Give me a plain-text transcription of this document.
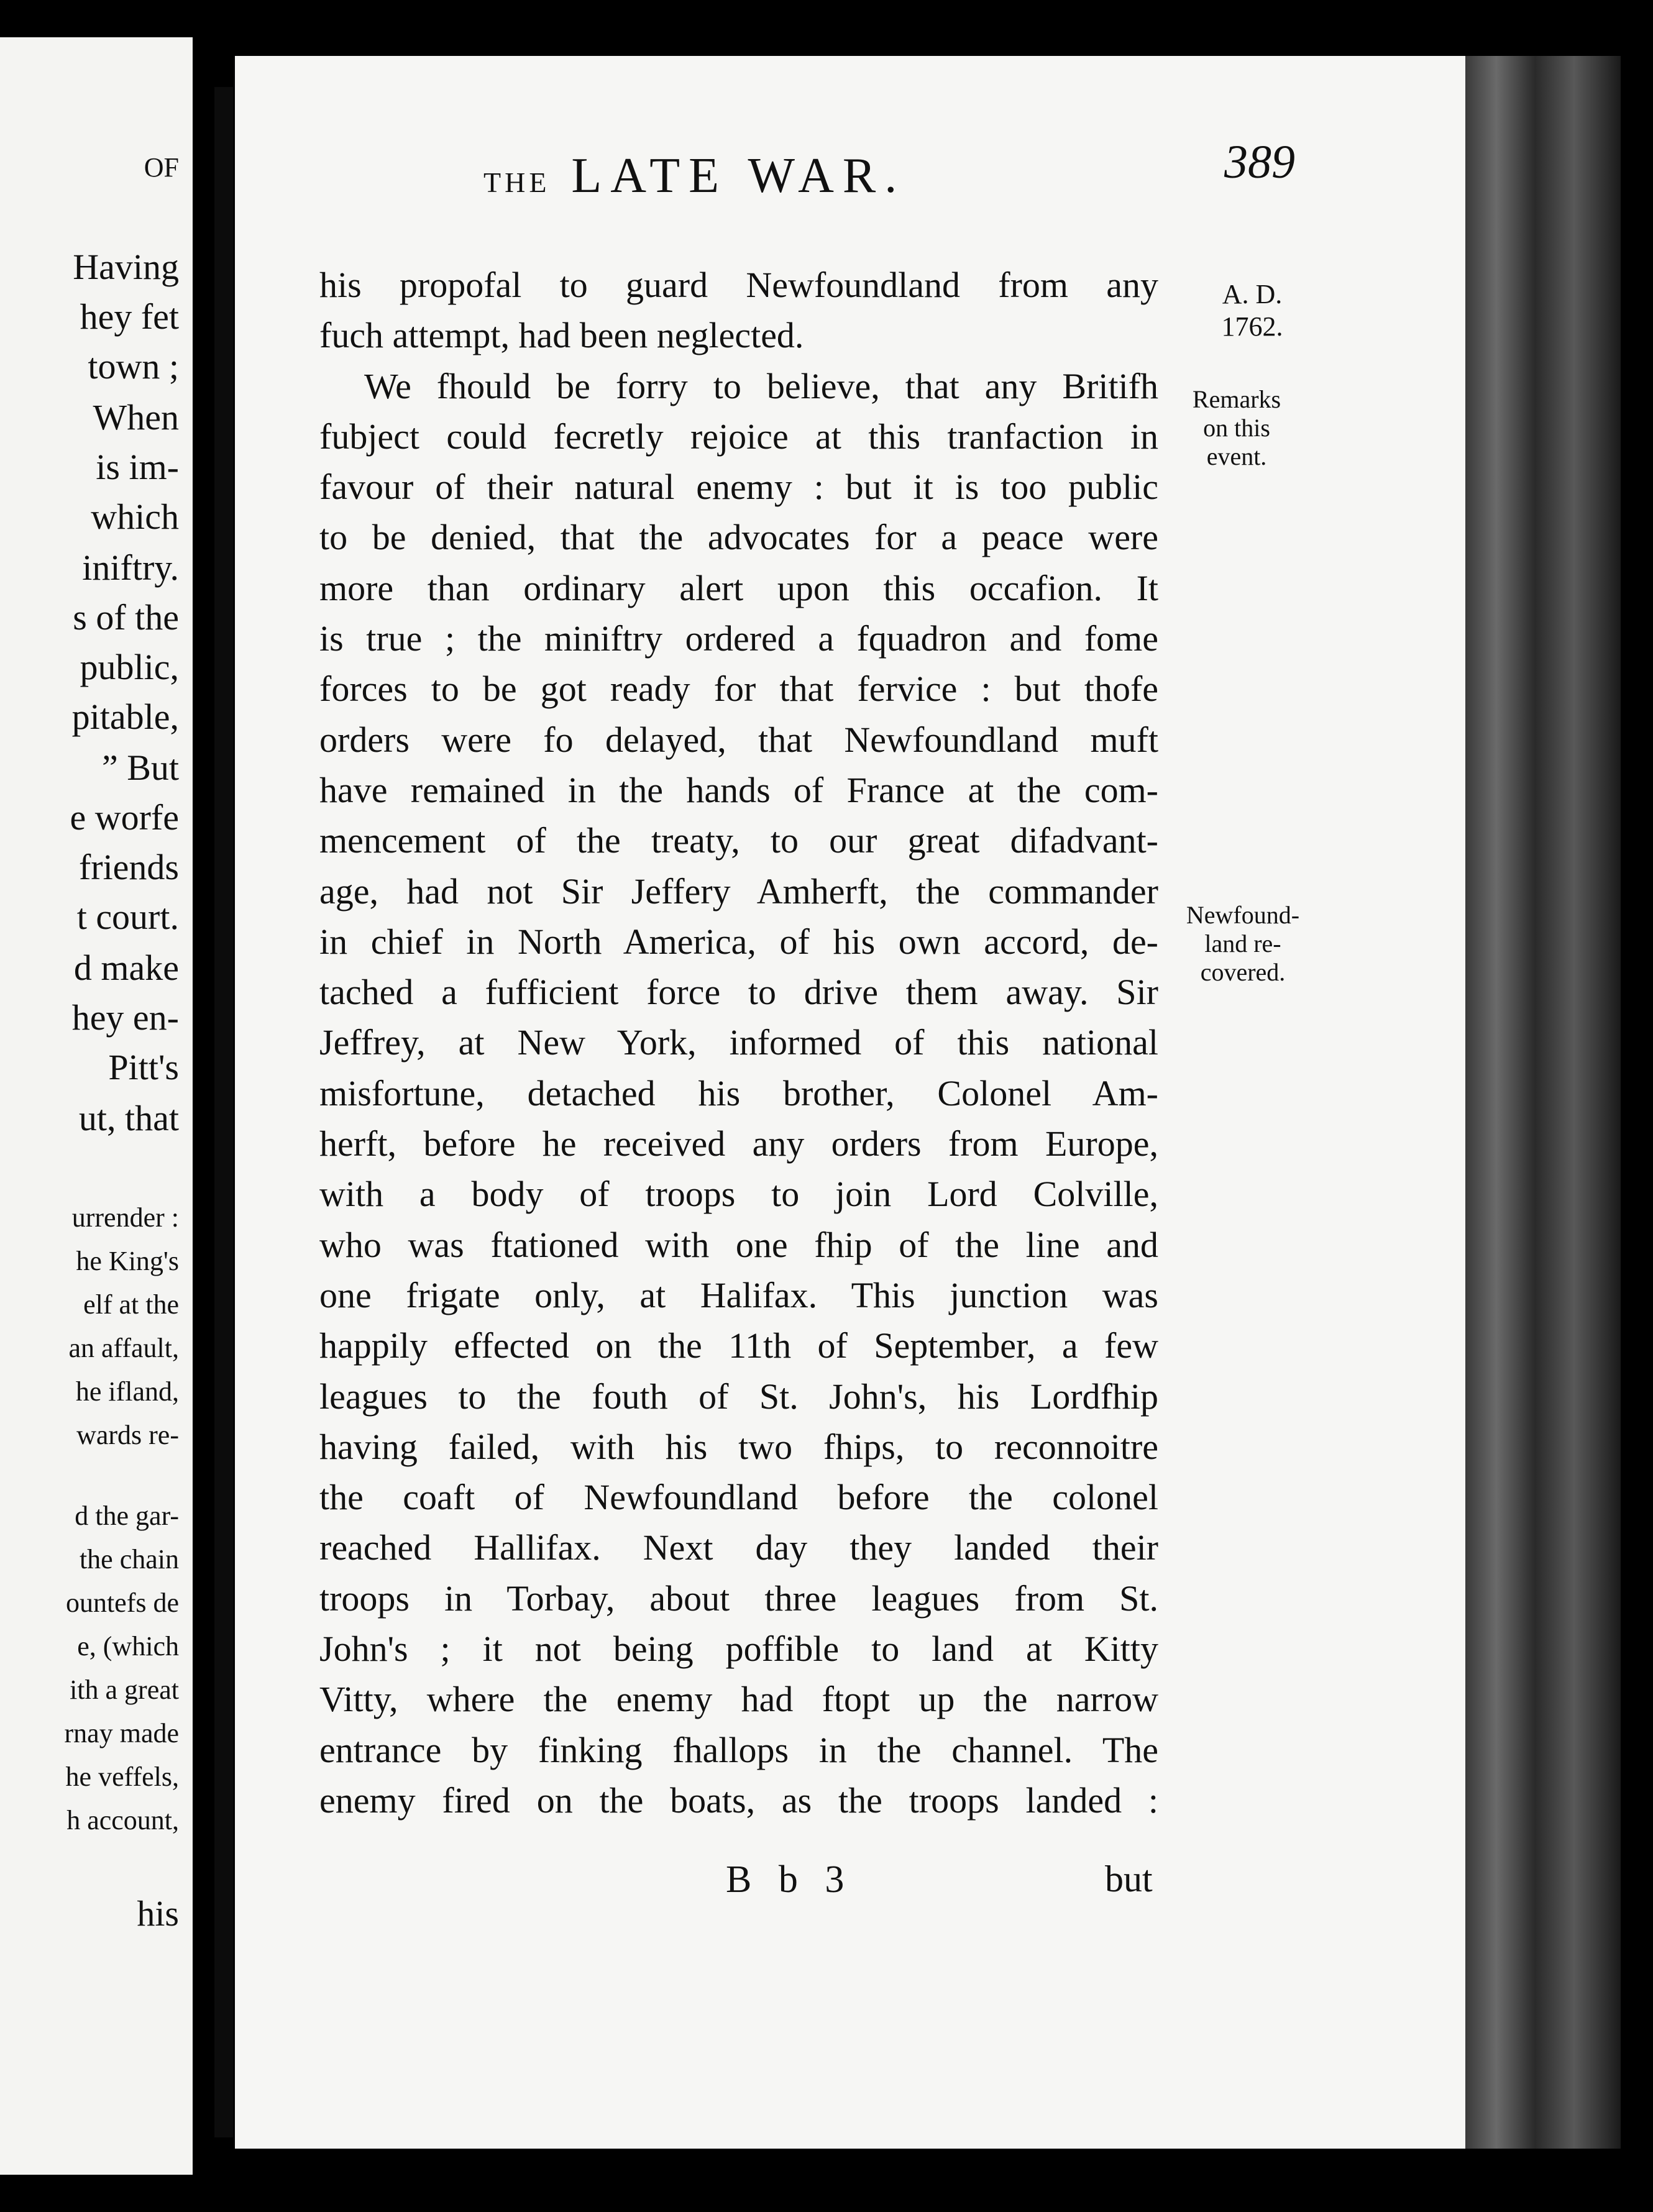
OF
Having
hey fet
town ;
When
is im-
which
iniftry.
s of the
public,
pitable,
” But
e worfe
friends
t court.
d make
hey en-
Pitt's
ut, that
urrender :
he King's
elf at the
an affault,
he ifland,
wards re-
d the gar-
the chain
ountefs de
e, (which
ith a great
rnay made
he veffels,
h account,
his
THE LATE WAR.	389
A. D.
1762.
Remarks
on this
event.
Newfound-
land re-
covered.
his propofal to guard Newfoundland from any
fuch attempt, had been neglected.
We fhould be forry to believe, that any Britifh
fubject could fecretly rejoice at this tranfaction in
favour of their natural enemy : but it is too public
to be denied, that the advocates for a peace were
more than ordinary alert upon this occafion. It
is true ; the miniftry ordered a fquadron and fome
forces to be got ready for that fervice : but thofe
orders were fo delayed, that Newfoundland muft
have remained in the hands of France at the com-
mencement of the treaty, to our great difadvant-
age, had not Sir Jeffery Amherft, the commander
in chief in North America, of his own accord, de-
tached a fufficient force to drive them away. Sir
Jeffrey, at New York, informed of this national
misfortune, detached his brother, Colonel Am-
herft, before he received any orders from Europe,
with a body of troops to join Lord Colville,
who was ftationed with one fhip of the line and
one frigate only, at Halifax. This junction was
happily effected on the 11th of September, a few
leagues to the fouth of St. John's, his Lordfhip
having failed, with his two fhips, to reconnoitre
the coaft of Newfoundland before the colonel
reached Hallifax. Next day they landed their
troops in Torbay, about three leagues from St.
John's ; it not being poffible to land at Kitty
Vitty, where the enemy had ftopt up the narrow
entrance by finking fhallops in the channel. The
enemy fired on the boats, as the troops landed :
B b 3	but
